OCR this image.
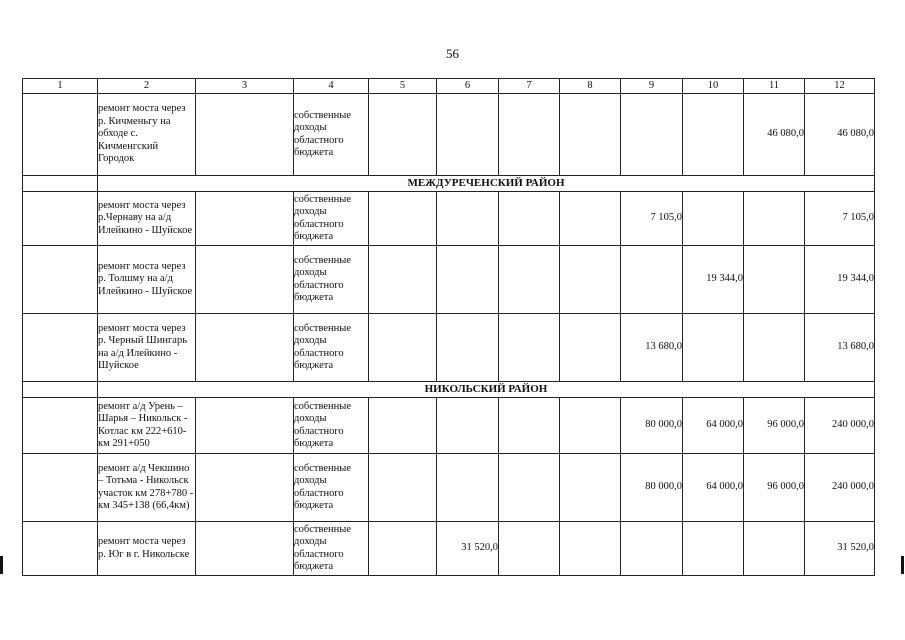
56
1	2	3	4	5	6	7	8	9	10	11	12
	ремонт моста через р. Кичменьгу на обходе с. Кичменгский Городок		собственные доходы областного бюджета							46 080,0	46 080,0
	МЕЖДУРЕЧЕНСКИЙ РАЙОН										
	ремонт моста через р.Чернаву на а/д Илейкино - Шуйское		собственные доходы областного бюджета					7 105,0			7 105,0
	ремонт моста через р. Толшму на а/д Илейкино - Шуйское		собственные доходы областного бюджета						19 344,0		19 344,0
	ремонт моста через р. Черный Шингарь на а/д Илейкино - Шуйское		собственные доходы областного бюджета					13 680,0			13 680,0
	НИКОЛЬСКИЙ РАЙОН										
	ремонт а/д Урень – Шарья – Никольск - Котлас км 222+610- км 291+050		собственные доходы областного бюджета					80 000,0	64 000,0	96 000,0	240 000,0
	ремонт а/д Чекшино – Тотьма - Никольск участок км 278+780 - км 345+138 (66,4км)		собственные доходы областного бюджета					80 000,0	64 000,0	96 000,0	240 000,0
	ремонт моста через р. Юг в г. Никольске		собственные доходы областного бюджета		31 520,0						31 520,0
